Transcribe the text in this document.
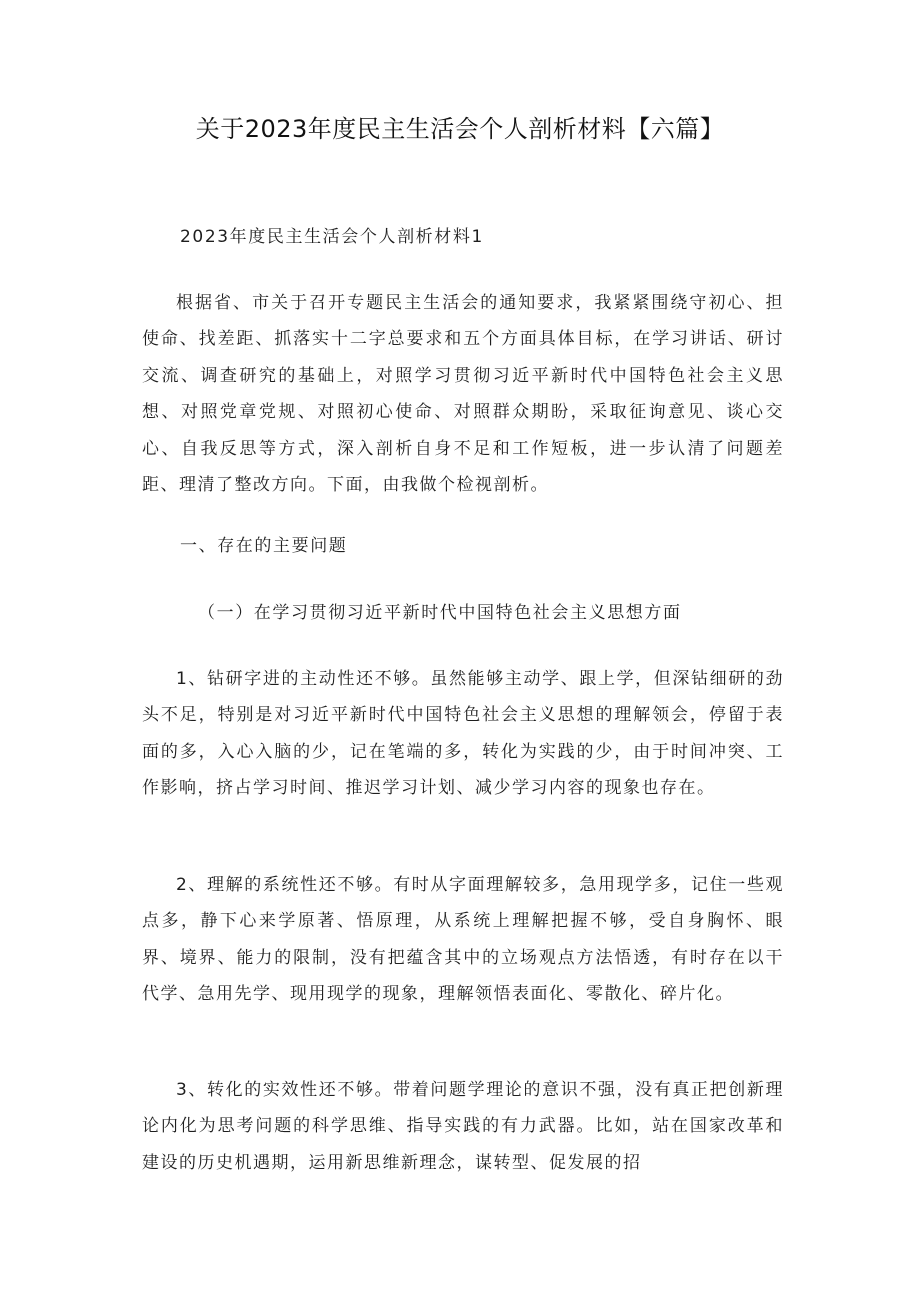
关于2023年度民主生活会个人剖析材料【六篇】
2023年度民主生活会个人剖析材料1

根据省、市关于召开专题民主生活会的通知要求，我紧紧围绕守初心、担使命、找差距、抓落实十二字总要求和五个方面具体目标，在学习讲话、研讨交流、调查研究的基础上，对照学习贯彻习近平新时代中国特色社会主义思想、对照党章党规、对照初心使命、对照群众期盼，采取征询意见、谈心交心、自我反思等方式，深入剖析自身不足和工作短板，进一步认清了问题差距、理清了整改方向。下面，由我做个检视剖析。

一、存在的主要问题
（一）在学习贯彻习近平新时代中国特色社会主义思想方面

1、钻研字进的主动性还不够。虽然能够主动学、跟上学，但深钻细研的劲头不足，特别是对习近平新时代中国特色社会主义思想的理解领会，停留于表面的多，入心入脑的少，记在笔端的多，转化为实践的少，由于时间冲突、工作影响，挤占学习时间、推迟学习计划、减少学习内容的现象也存在。

2、理解的系统性还不够。有时从字面理解较多，急用现学多，记住一些观点多，静下心来学原著、悟原理，从系统上理解把握不够，受自身胸怀、眼界、境界、能力的限制，没有把蕴含其中的立场观点方法悟透，有时存在以干代学、急用先学、现用现学的现象，理解领悟表面化、零散化、碎片化。

3、转化的实效性还不够。带着问题学理论的意识不强，没有真正把创新理论内化为思考问题的科学思维、指导实践的有力武器。比如，站在国家改革和建设的历史机遇期，运用新思维新理念，谋转型、促发展的招
